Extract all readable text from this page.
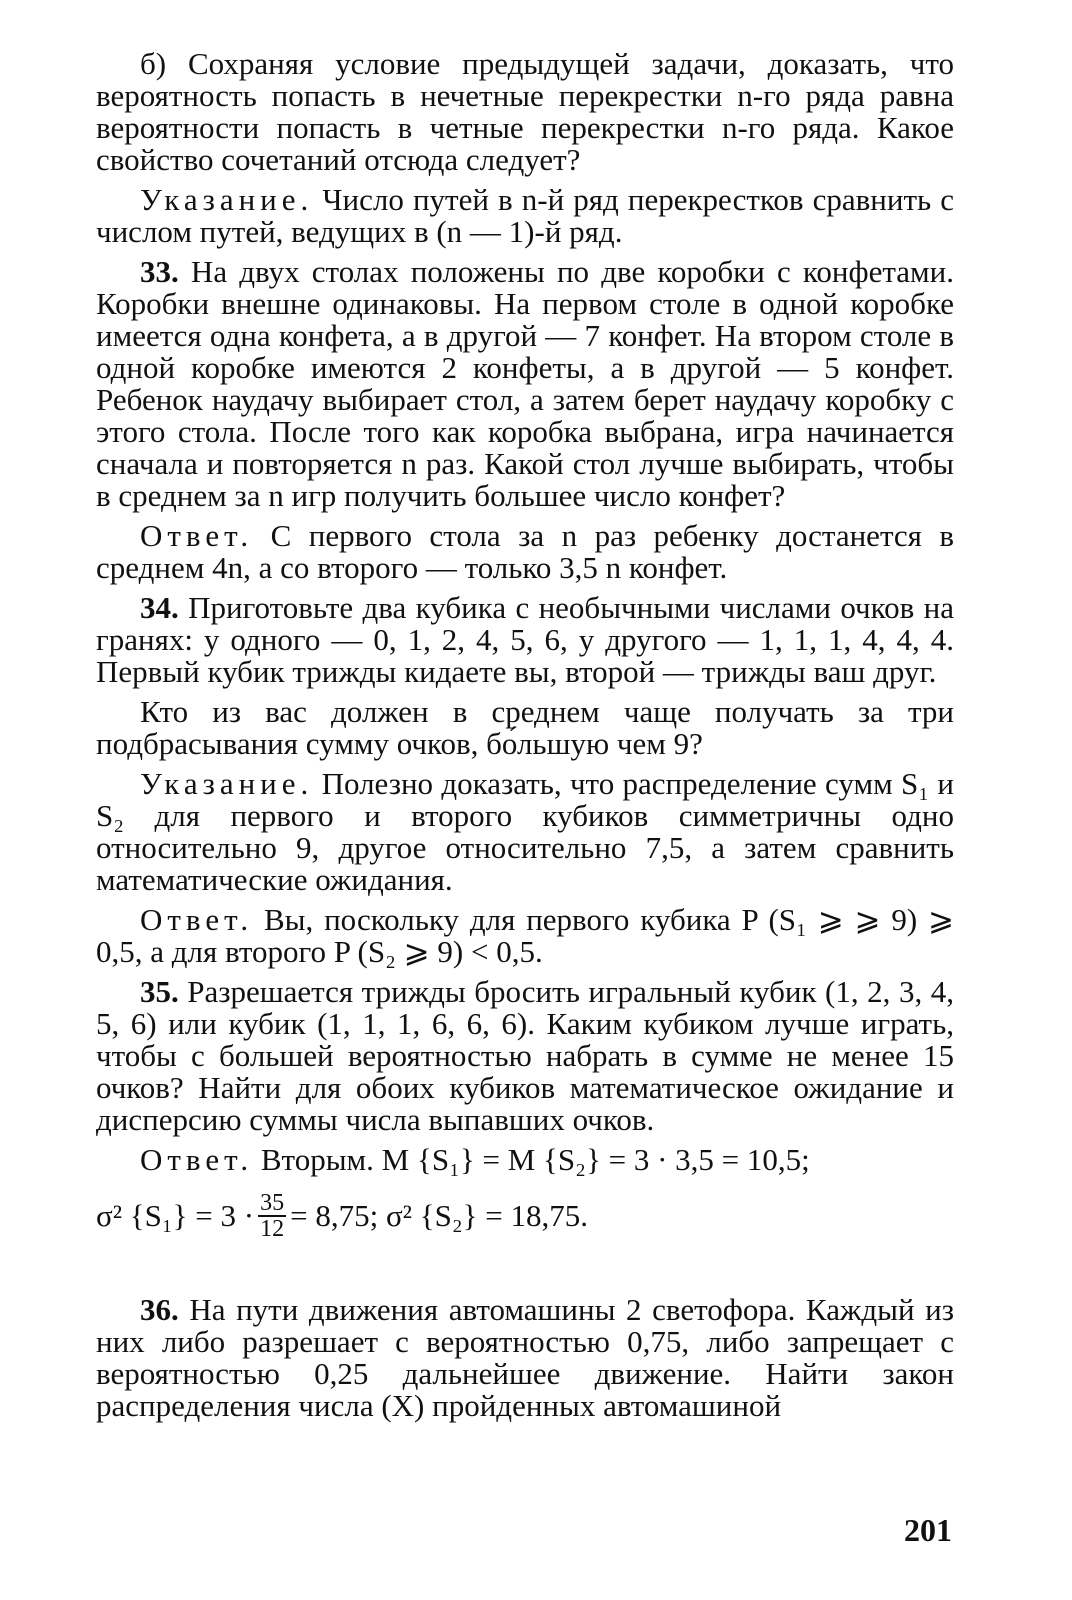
б) Сохраняя условие предыдущей задачи, доказать, что вероятность попасть в нечетные перекрестки n-го ряда равна вероятности попасть в четные перекрестки n-го ряда. Какое свойство сочетаний отсюда следует?

Указание. Число путей в n-й ряд перекрестков сравнить с числом путей, ведущих в (n — 1)-й ряд.

33. На двух столах положены по две коробки с конфетами. Коробки внешне одинаковы. На первом столе в одной коробке имеется одна конфета, а в другой — 7 конфет. На втором столе в одной коробке имеются 2 конфеты, а в другой — 5 конфет. Ребенок наудачу выбирает стол, а затем берет наудачу коробку с этого стола. После того как коробка выбрана, игра начинается сначала и повторяется n раз. Какой стол лучше выбирать, чтобы в среднем за n игр получить большее число конфет?

Ответ. С первого стола за n раз ребенку достанется в среднем 4n, а со второго — только 3,5 n конфет.

34. Приготовьте два кубика с необычными числами очков на гранях: у одного — 0, 1, 2, 4, 5, 6, у другого — 1, 1, 1, 4, 4, 4. Первый кубик трижды кидаете вы, второй — трижды ваш друг.

Кто из вас должен в среднем чаще получать за три подбрасывания сумму очков, бо́льшую чем 9?

Указание. Полезно доказать, что распределение сумм S₁ и S₂ для первого и второго кубиков симметричны одно относительно 9, другое относительно 7,5, а затем сравнить математические ожидания.

Ответ. Вы, поскольку для первого кубика P (S₁ ⩾ ⩾ 9) ⩾ 0,5, а для второго P (S₂ ⩾ 9) < 0,5.

35. Разрешается трижды бросить игральный кубик (1, 2, 3, 4, 5, 6) или кубик (1, 1, 1, 6, 6, 6). Каким кубиком лучше играть, чтобы с большей вероятностью набрать в сумме не менее 15 очков? Найти для обоих кубиков математическое ожидание и дисперсию суммы числа выпавших очков.

Ответ. Вторым. M {S₁} = M {S₂} = 3 · 3,5 = 10,5;
σ² $\{S_1\} = 3 \cdot \frac{35}{12} = 8,75$; σ² {S₂} = 18,75.

36. На пути движения автомашины 2 светофора. Каждый из них либо разрешает с вероятностью 0,75, либо запрещает с вероятностью 0,25 дальнейшее движение. Найти закон распределения числа (X) пройденных автомашиной

201
